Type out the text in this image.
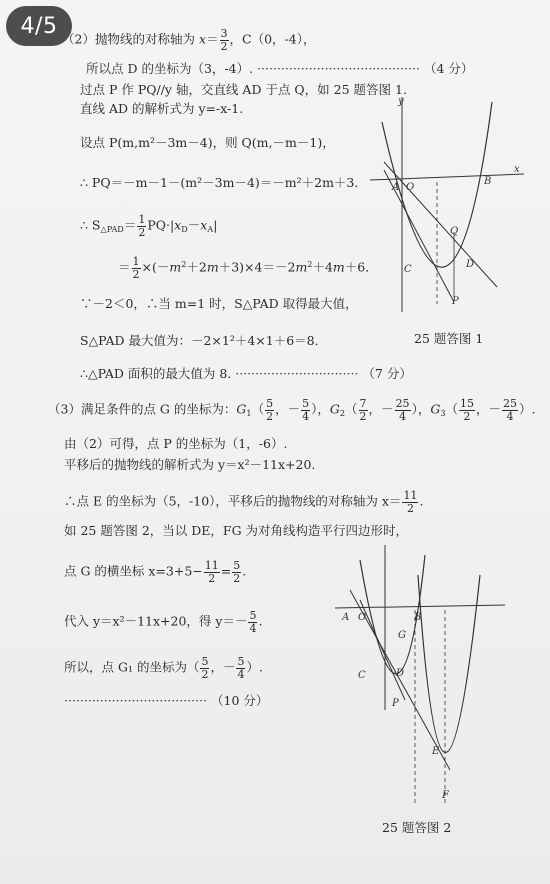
4/5
（2）抛物线的对称轴为 $x= \frac{3}{2}$ ，C（0，-4），
所以点 D 的坐标为（3，-4）. ········································· （4 分）
过点 P 作 PQ//y 轴，交直线 AD 于点 Q，如 25 题答图 1.
直线 AD 的解析式为 y=-x-1.
设点 P(m,m²－3m－4)，则 Q(m,－m－1)，
∴ PQ＝－m－1－(m²－3m－4)＝－m²＋2m＋3．
∴ $S_{\triangle PAD}= \frac{1}{2} PQ\cdot|x_D-x_A|$
＝ $\frac{1}{2} \times(-m^2+2m+3)\times 4=-2m^2+4m+6$．
∵－2＜0，∴当 m=1 时，S△PAD 取得最大值，
S△PAD 最大值为：－2×1²＋4×1＋6＝8．
∴△PAD 面积的最大值为 8. ······························· （7 分）
（3）满足条件的点 G 的坐标为：$G_1( \frac{5}{2}$ ，－ $\frac{5}{4}$ ），$G_2( \frac{7}{2}$ ，－ $\frac{25}{4}$ ），$G_3( \frac{15}{2}$ ，－ $\frac{25}{4}$ ）.
由（2）可得，点 P 的坐标为（1，-6）.
平移后的抛物线的解析式为 y＝x²－11x+20.
∴点 E 的坐标为（5，-10），平移后的抛物线的对称轴为 $x= \frac{11}{2}$ .
如 25 题答图 2，当以 DE，FG 为对角线构造平行四边形时，
点 G 的横坐标 $x=3+5- \frac{11}{2} = \frac{5}{2}$ .
代入 y＝x²－11x+20，得 $y=- \frac{5}{4}$ .
所以，点 G₁ 的坐标为（ $\frac{5}{2}$ ，－ $\frac{5}{4}$ ）.
···································· （10 分）
y
x
A O
B
Q
C	D
P
25 题答图 1
A O	B
G
C	D
P
E
F
25 题答图 2
